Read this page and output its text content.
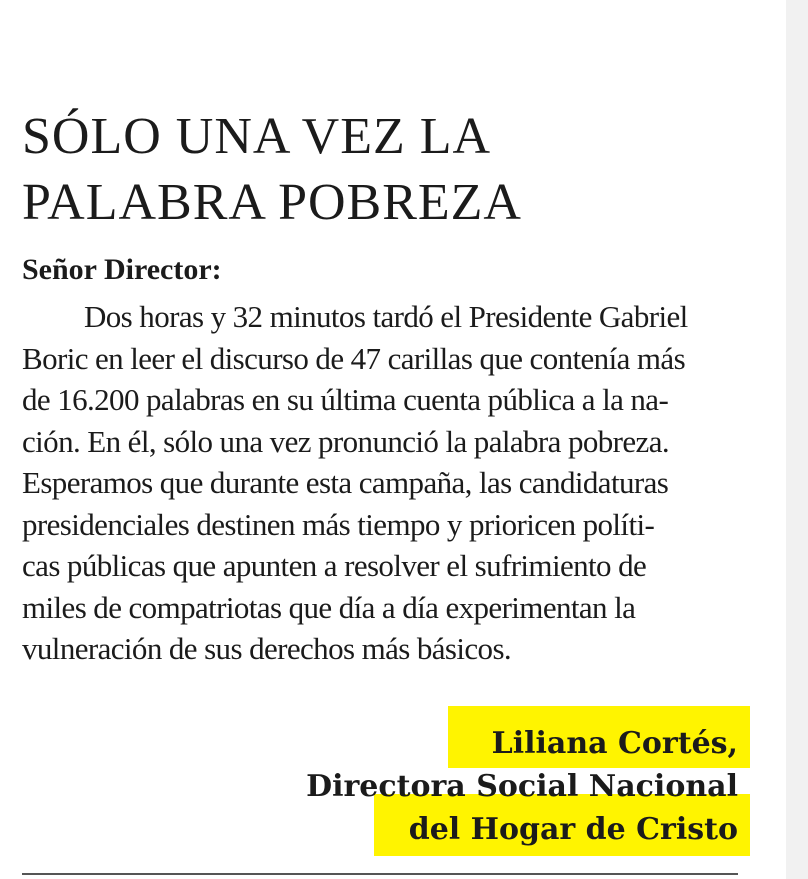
SÓLO UNA VEZ LA
PALABRA POBREZA
Señor Director:
Dos horas y 32 minutos tardó el Presidente Gabriel
Boric en leer el discurso de 47 carillas que contenía más
de 16.200 palabras en su última cuenta pública a la na-
ción. En él, sólo una vez pronunció la palabra pobreza.
Esperamos que durante esta campaña, las candidaturas
presidenciales destinen más tiempo y prioricen políti-
cas públicas que apunten a resolver el sufrimiento de
miles de compatriotas que día a día experimentan la
vulneración de sus derechos más básicos.
Liliana Cortés,
Directora Social Nacional
del Hogar de Cristo
